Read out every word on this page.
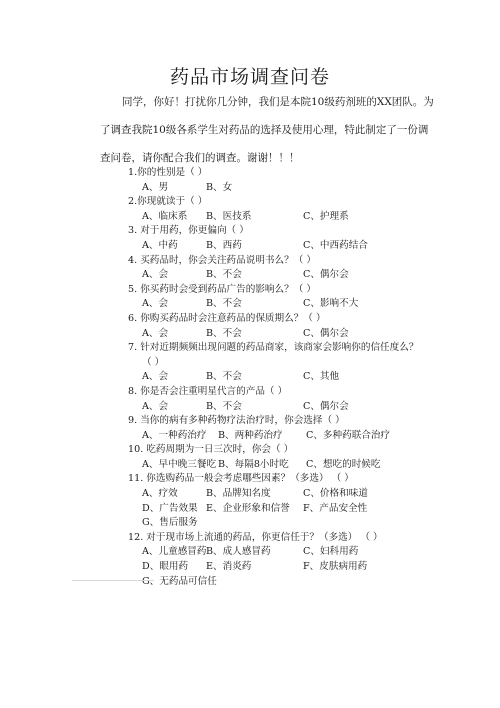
药品市场调查问卷

同学，你好！打扰你几分钟，我们是本院10级药剂班的XX团队。为

了调查我院10级各系学生对药品的选择及使用心理，特此制定了一份调

查问卷，请你配合我们的调查。谢谢！！！

1.你的性别是（ ）
A、男	B、女
2.你现就读于（ ）
A、临床系 B、医技系	C、护理系
3. 对于用药，你更偏向（ ）
A、中药	B、西药	C、中西药结合
4. 买药品时，你会关注药品说明书么？（ ）
A、会	B、不会	C、偶尔会
5. 你买药时会受到药品广告的影响么？（ ）
A、会	B、不会	C、影响不大
6. 你购买药品时会注意药品的保质期么？（ ）
A、会	B、不会	C、偶尔会
7. 针对近期频频出现问题的药品商家，该商家会影响你的信任度么？
（ ）
A、会	B、不会	C、其他
8. 你是否会注重明星代言的产品（ ）
A、会	B、不会	C、偶尔会
9. 当你的病有多种药物疗法治疗时，你会选择（ ）
A、一种药治疗 B、两种药治疗 C、多种药联合治疗
10. 吃药周期为一日三次时，你会（ ）
A、早中晚三餐吃 B、每隔8小时吃 C、想吃的时候吃
11. 你选购药品一般会考虑哪些因素？（多选） （ ）
A、疗效	B、品牌知名度	C、价格和味道
D、广告效果 E、企业形象和信誉 F、产品安全性
G、售后服务
12. 对于现市场上流通的药品，你更信任于？（多选） （ ）
A、儿童感冒药 B、成人感冒药	C、妇科用药
D、眼用药 E、消炎药	F、皮肤病用药
G、无药品可信任
